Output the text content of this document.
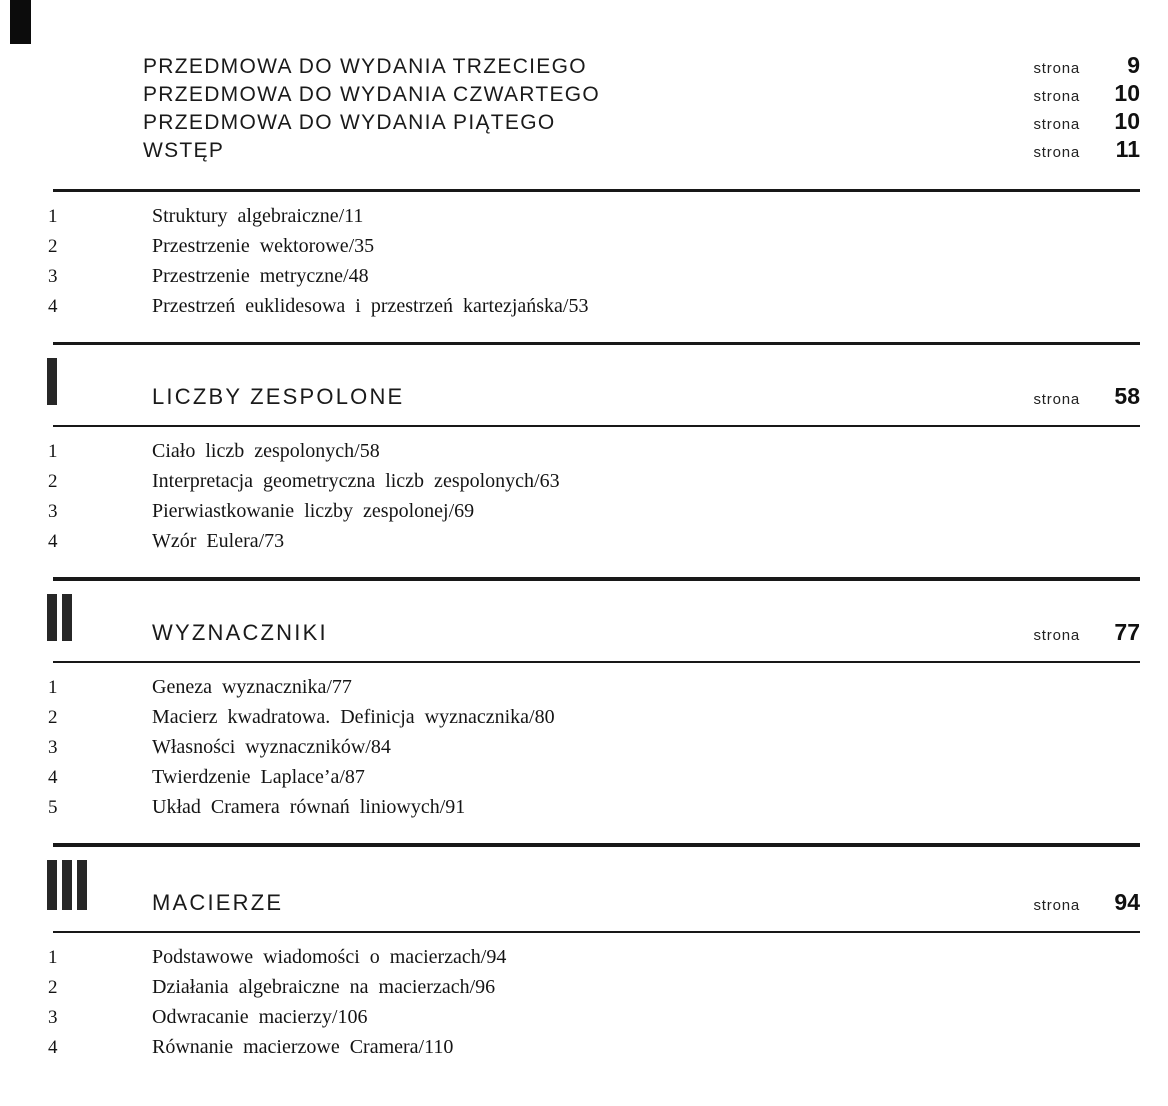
PRZEDMOWA DO WYDANIA TRZECIEGO	strona	9
PRZEDMOWA DO WYDANIA CZWARTEGO	strona	10
PRZEDMOWA DO WYDANIA PIĄTEGO	strona	10
WSTĘP	strona	11
1	Struktury algebraiczne/11
2	Przestrzenie wektorowe/35
3	Przestrzenie metryczne/48
4	Przestrzeń euklidesowa i przestrzeń kartezjańska/53
LICZBY ZESPOLONE	strona	58
1	Ciało liczb zespolonych/58
2	Interpretacja geometryczna liczb zespolonych/63
3	Pierwiastkowanie liczby zespolonej/69
4	Wzór Eulera/73
WYZNACZNIKI	strona	77
1	Geneza wyznacznika/77
2	Macierz kwadratowa. Definicja wyznacznika/80
3	Własności wyznaczników/84
4	Twierdzenie Laplace’a/87
5	Układ Cramera równań liniowych/91
MACIERZE	strona	94
1	Podstawowe wiadomości o macierzach/94
2	Działania algebraiczne na macierzach/96
3	Odwracanie macierzy/106
4	Równanie macierzowe Cramera/110
